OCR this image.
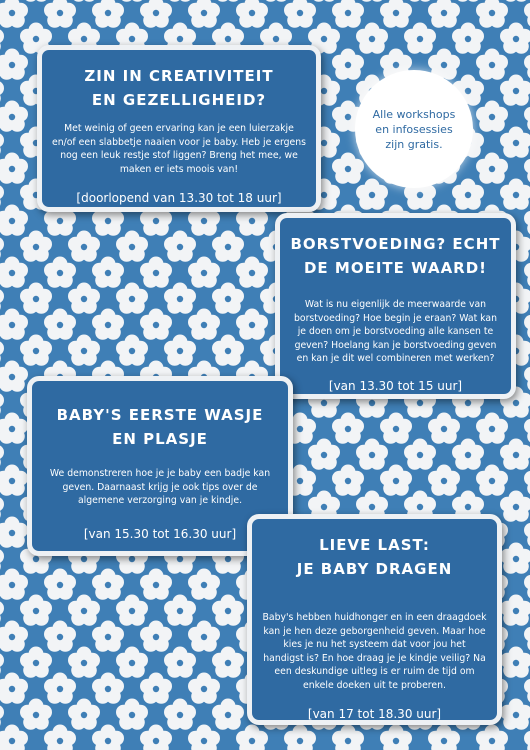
ZIN IN CREATIVITEIT
EN GEZELLIGHEID?

Met weinig of geen ervaring kan je een luierzakje en/of een slabbetje naaien voor je baby. Heb je ergens nog een leuk restje stof liggen? Breng het mee, we maken er iets moois van!

[doorlopend van 13.30 tot 18 uur]

Alle workshops en infosessies zijn gratis.

BORSTVOEDING? ECHT
DE MOEITE WAARD!

Wat is nu eigenlijk de meerwaarde van borstvoeding? Hoe begin je eraan? Wat kan je doen om je borstvoeding alle kansen te geven? Hoelang kan je borstvoeding geven en kan je dit wel combineren met werken?

[van 13.30 tot 15 uur]

BABY'S EERSTE WASJE
EN PLASJE

We demonstreren hoe je je baby een badje kan geven. Daarnaast krijg je ook tips over de algemene verzorging van je kindje.

[van 15.30 tot 16.30 uur]

LIEVE LAST:
JE BABY DRAGEN

Baby's hebben huidhonger en in een draagdoek kan je hen deze geborgenheid geven. Maar hoe kies je nu het systeem dat voor jou het handigst is? En hoe draag je je kindje veilig? Na een deskundige uitleg is er ruim de tijd om enkele doeken uit te proberen.

[van 17 tot 18.30 uur]
